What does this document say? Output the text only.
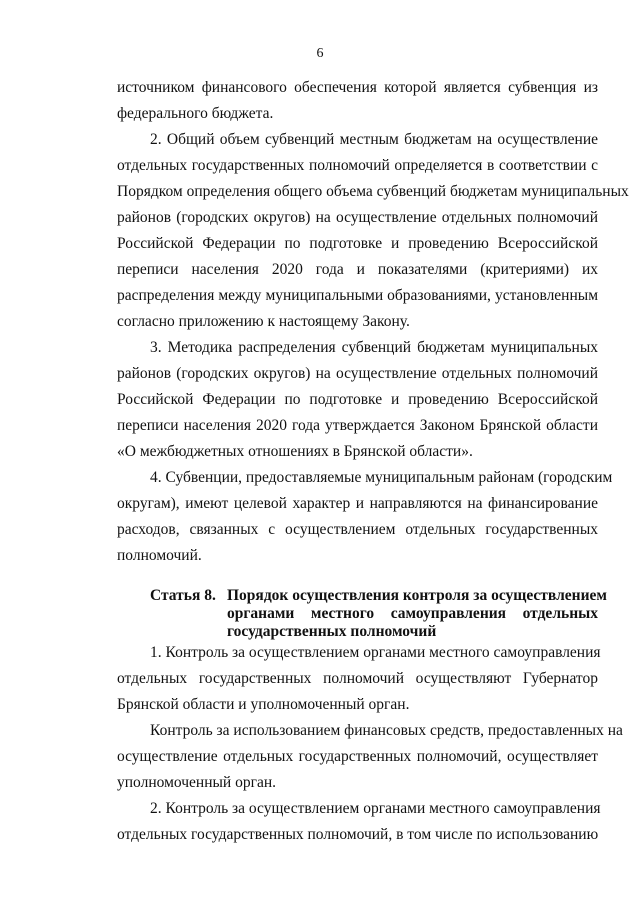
6
источником финансового обеспечения которой является субвенция из
федерального бюджета.
2. Общий объем субвенций местным бюджетам на осуществление
отдельных государственных полномочий определяется в соответствии с
Порядком определения общего объема субвенций бюджетам муниципальных
районов (городских округов) на осуществление отдельных полномочий
Российской Федерации по подготовке и проведению Всероссийской
переписи населения 2020 года и показателями (критериями) их
распределения между муниципальными образованиями, установленным
согласно приложению к настоящему Закону.
3. Методика распределения субвенций бюджетам муниципальных
районов (городских округов) на осуществление отдельных полномочий
Российской Федерации по подготовке и проведению Всероссийской
переписи населения 2020 года утверждается Законом Брянской области
«О межбюджетных отношениях в Брянской области».
4. Субвенции, предоставляемые муниципальным районам (городским
округам), имеют целевой характер и направляются на финансирование
расходов, связанных с осуществлением отдельных государственных
полномочий.
Статья 8. Порядок осуществления контроля за осуществлением
органами местного самоуправления отдельных
государственных полномочий
1. Контроль за осуществлением органами местного самоуправления
отдельных государственных полномочий осуществляют Губернатор
Брянской области и уполномоченный орган.
Контроль за использованием финансовых средств, предоставленных на
осуществление отдельных государственных полномочий, осуществляет
уполномоченный орган.
2. Контроль за осуществлением органами местного самоуправления
отдельных государственных полномочий, в том числе по использованию
